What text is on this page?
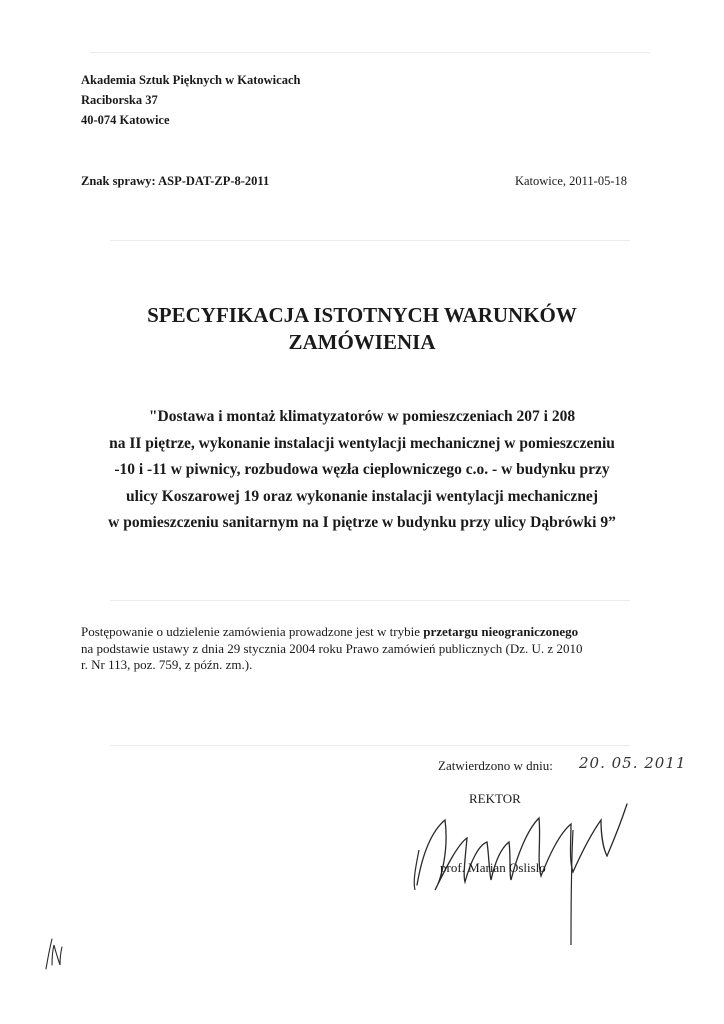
Akademia Sztuk Pięknych w Katowicach
Raciborska 37
40-074 Katowice
Znak sprawy: ASP-DAT-ZP-8-2011	Katowice, 2011-05-18
SPECYFIKACJA ISTOTNYCH WARUNKÓW
ZAMÓWIENIA
"Dostawa i montaż klimatyzatorów w pomieszczeniach 207 i 208
na II piętrze, wykonanie instalacji wentylacji mechanicznej w pomieszczeniu
-10 i -11 w piwnicy, rozbudowa węzła cieplowniczego c.o. - w budynku przy
ulicy Koszarowej 19 oraz wykonanie instalacji wentylacji mechanicznej
w pomieszczeniu sanitarnym na I piętrze w budynku przy ulicy Dąbrówki 9”
Postępowanie o udzielenie zamówienia prowadzone jest w trybie przetargu nieograniczonego
na podstawie ustawy z dnia 29 stycznia 2004 roku Prawo zamówień publicznych (Dz. U. z 2010
r. Nr 113, poz. 759, z późn. zm.).
Zatwierdzono w dniu: 20. 05. 2011
REKTOR
prof. Marian Oslislo
